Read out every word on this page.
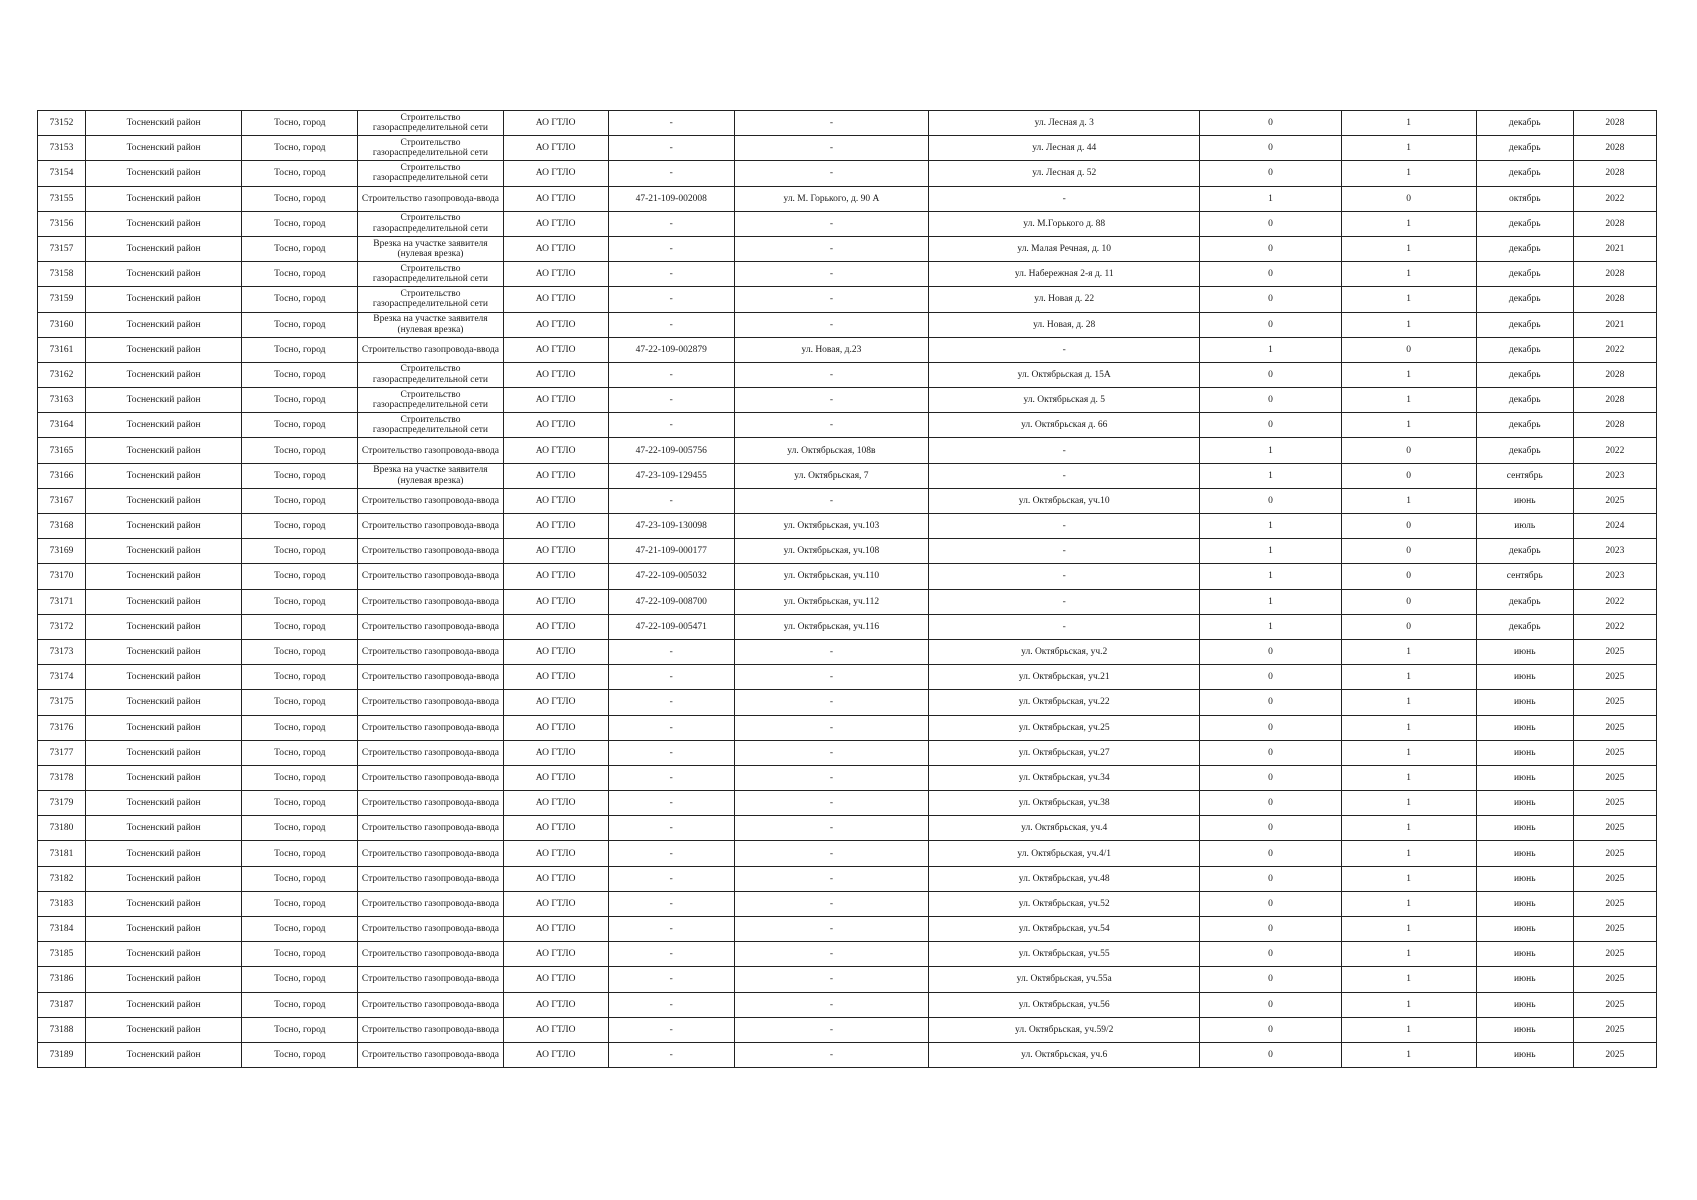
73152	Тосненский район	Тосно, город	Строительство газораспределительной сети	АО ГТЛО	-	-	ул. Лесная д. 3	0	1	декабрь	2028
73153	Тосненский район	Тосно, город	Строительство газораспределительной сети	АО ГТЛО	-	-	ул. Лесная д. 44	0	1	декабрь	2028
73154	Тосненский район	Тосно, город	Строительство газораспределительной сети	АО ГТЛО	-	-	ул. Лесная д. 52	0	1	декабрь	2028
73155	Тосненский район	Тосно, город	Строительство газопровода-ввода	АО ГТЛО	47-21-109-002008	ул. М. Горького, д. 90 А	-	1	0	октябрь	2022
73156	Тосненский район	Тосно, город	Строительство газораспределительной сети	АО ГТЛО	-	-	ул. М.Горького д. 88	0	1	декабрь	2028
73157	Тосненский район	Тосно, город	Врезка на участке заявителя (нулевая врезка)	АО ГТЛО	-	-	ул. Малая Речная, д. 10	0	1	декабрь	2021
73158	Тосненский район	Тосно, город	Строительство газораспределительной сети	АО ГТЛО	-	-	ул. Набережная 2-я д. 11	0	1	декабрь	2028
73159	Тосненский район	Тосно, город	Строительство газораспределительной сети	АО ГТЛО	-	-	ул. Новая д. 22	0	1	декабрь	2028
73160	Тосненский район	Тосно, город	Врезка на участке заявителя (нулевая врезка)	АО ГТЛО	-	-	ул. Новая, д. 28	0	1	декабрь	2021
73161	Тосненский район	Тосно, город	Строительство газопровода-ввода	АО ГТЛО	47-22-109-002879	ул. Новая, д.23	-	1	0	декабрь	2022
73162	Тосненский район	Тосно, город	Строительство газораспределительной сети	АО ГТЛО	-	-	ул. Октябрьская д. 15А	0	1	декабрь	2028
73163	Тосненский район	Тосно, город	Строительство газораспределительной сети	АО ГТЛО	-	-	ул. Октябрьская д. 5	0	1	декабрь	2028
73164	Тосненский район	Тосно, город	Строительство газораспределительной сети	АО ГТЛО	-	-	ул. Октябрьская д. 66	0	1	декабрь	2028
73165	Тосненский район	Тосно, город	Строительство газопровода-ввода	АО ГТЛО	47-22-109-005756	ул. Октябрьская, 108в	-	1	0	декабрь	2022
73166	Тосненский район	Тосно, город	Врезка на участке заявителя (нулевая врезка)	АО ГТЛО	47-23-109-129455	ул. Октябрьская, 7	-	1	0	сентябрь	2023
73167	Тосненский район	Тосно, город	Строительство газопровода-ввода	АО ГТЛО	-	-	ул. Октябрьская, уч.10	0	1	июнь	2025
73168	Тосненский район	Тосно, город	Строительство газопровода-ввода	АО ГТЛО	47-23-109-130098	ул. Октябрьская, уч.103	-	1	0	июль	2024
73169	Тосненский район	Тосно, город	Строительство газопровода-ввода	АО ГТЛО	47-21-109-000177	ул. Октябрьская, уч.108	-	1	0	декабрь	2023
73170	Тосненский район	Тосно, город	Строительство газопровода-ввода	АО ГТЛО	47-22-109-005032	ул. Октябрьская, уч.110	-	1	0	сентябрь	2023
73171	Тосненский район	Тосно, город	Строительство газопровода-ввода	АО ГТЛО	47-22-109-008700	ул. Октябрьская, уч.112	-	1	0	декабрь	2022
73172	Тосненский район	Тосно, город	Строительство газопровода-ввода	АО ГТЛО	47-22-109-005471	ул. Октябрьская, уч.116	-	1	0	декабрь	2022
73173	Тосненский район	Тосно, город	Строительство газопровода-ввода	АО ГТЛО	-	-	ул. Октябрьская, уч.2	0	1	июнь	2025
73174	Тосненский район	Тосно, город	Строительство газопровода-ввода	АО ГТЛО	-	-	ул. Октябрьская, уч.21	0	1	июнь	2025
73175	Тосненский район	Тосно, город	Строительство газопровода-ввода	АО ГТЛО	-	-	ул. Октябрьская, уч.22	0	1	июнь	2025
73176	Тосненский район	Тосно, город	Строительство газопровода-ввода	АО ГТЛО	-	-	ул. Октябрьская, уч.25	0	1	июнь	2025
73177	Тосненский район	Тосно, город	Строительство газопровода-ввода	АО ГТЛО	-	-	ул. Октябрьская, уч.27	0	1	июнь	2025
73178	Тосненский район	Тосно, город	Строительство газопровода-ввода	АО ГТЛО	-	-	ул. Октябрьская, уч.34	0	1	июнь	2025
73179	Тосненский район	Тосно, город	Строительство газопровода-ввода	АО ГТЛО	-	-	ул. Октябрьская, уч.38	0	1	июнь	2025
73180	Тосненский район	Тосно, город	Строительство газопровода-ввода	АО ГТЛО	-	-	ул. Октябрьская, уч.4	0	1	июнь	2025
73181	Тосненский район	Тосно, город	Строительство газопровода-ввода	АО ГТЛО	-	-	ул. Октябрьская, уч.4/1	0	1	июнь	2025
73182	Тосненский район	Тосно, город	Строительство газопровода-ввода	АО ГТЛО	-	-	ул. Октябрьская, уч.48	0	1	июнь	2025
73183	Тосненский район	Тосно, город	Строительство газопровода-ввода	АО ГТЛО	-	-	ул. Октябрьская, уч.52	0	1	июнь	2025
73184	Тосненский район	Тосно, город	Строительство газопровода-ввода	АО ГТЛО	-	-	ул. Октябрьская, уч.54	0	1	июнь	2025
73185	Тосненский район	Тосно, город	Строительство газопровода-ввода	АО ГТЛО	-	-	ул. Октябрьская, уч.55	0	1	июнь	2025
73186	Тосненский район	Тосно, город	Строительство газопровода-ввода	АО ГТЛО	-	-	ул. Октябрьская, уч.55а	0	1	июнь	2025
73187	Тосненский район	Тосно, город	Строительство газопровода-ввода	АО ГТЛО	-	-	ул. Октябрьская, уч.56	0	1	июнь	2025
73188	Тосненский район	Тосно, город	Строительство газопровода-ввода	АО ГТЛО	-	-	ул. Октябрьская, уч.59/2	0	1	июнь	2025
73189	Тосненский район	Тосно, город	Строительство газопровода-ввода	АО ГТЛО	-	-	ул. Октябрьская, уч.6	0	1	июнь	2025
